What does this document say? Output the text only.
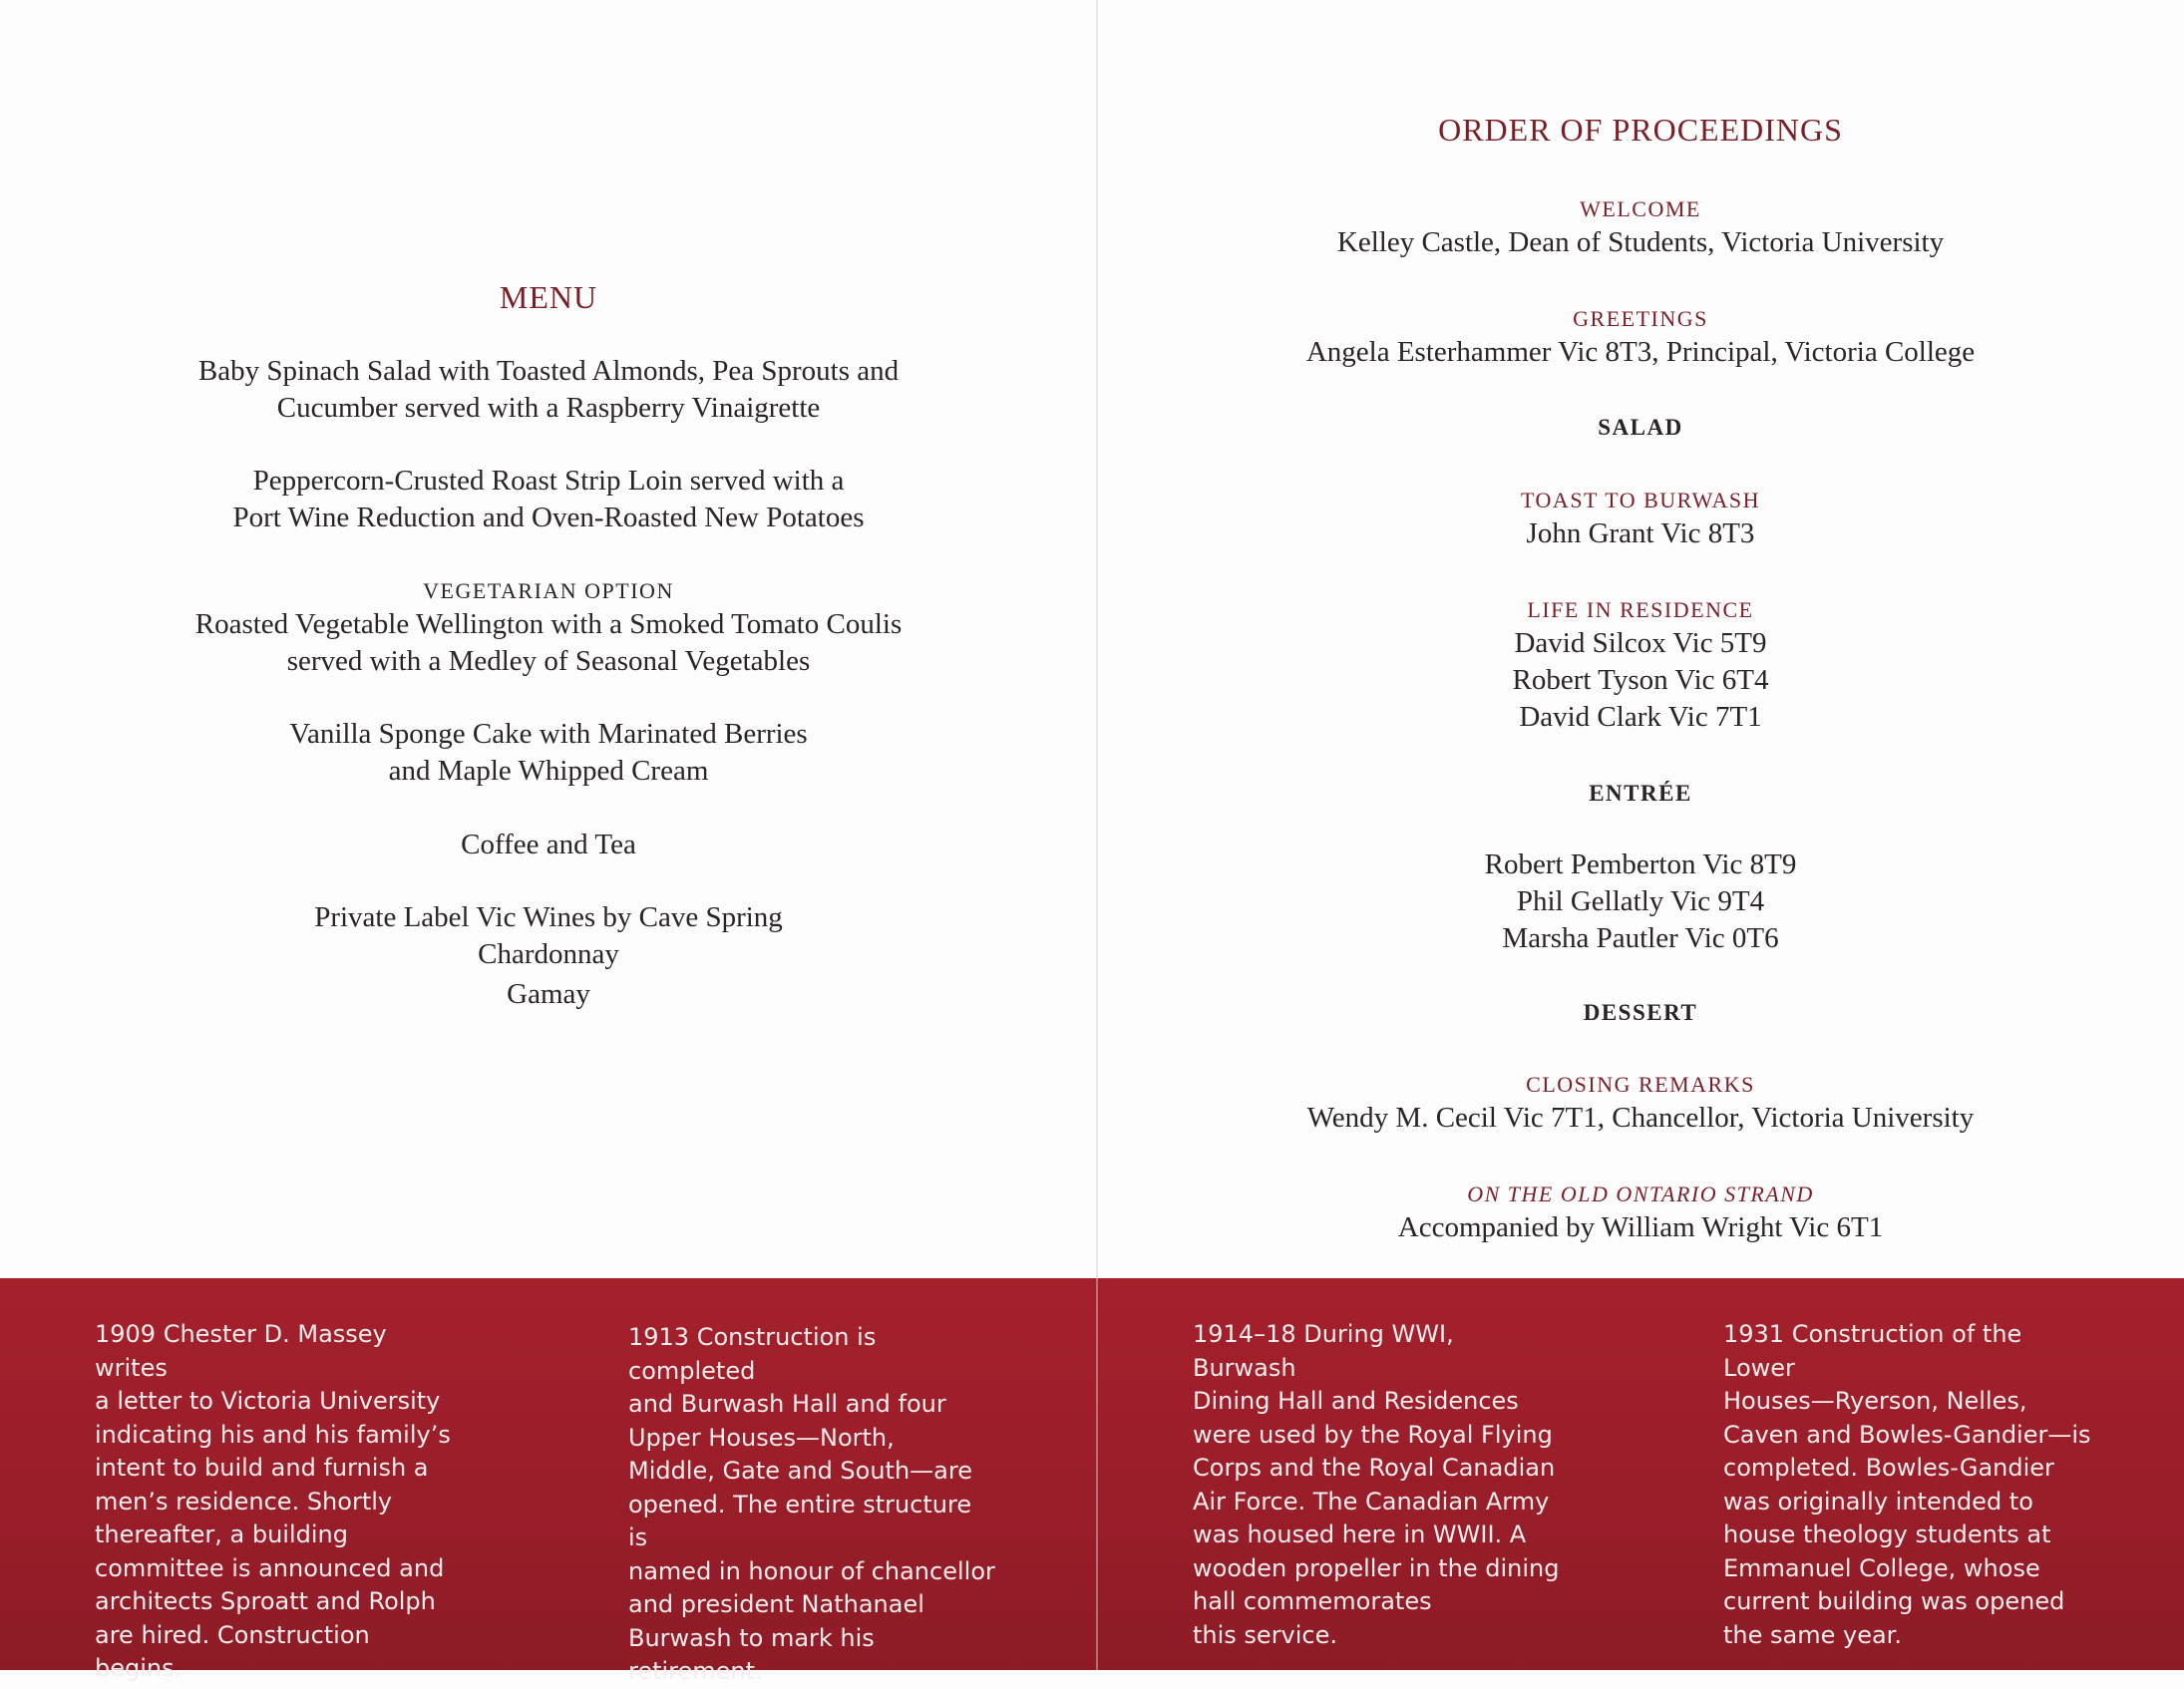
MENU

Baby Spinach Salad with Toasted Almonds, Pea Sprouts and

Cucumber served with a Raspberry Vinaigrette

Peppercorn-Crusted Roast Strip Loin served with a

Port Wine Reduction and Oven-Roasted New Potatoes

VEGETARIAN OPTION

Roasted Vegetable Wellington with a Smoked Tomato Coulis

served with a Medley of Seasonal Vegetables

Vanilla Sponge Cake with Marinated Berries

and Maple Whipped Cream

Coffee and Tea

Private Label Vic Wines by Cave Spring

Chardonnay

Gamay

ORDER OF PROCEEDINGS

WELCOME

Kelley Castle, Dean of Students, Victoria University

GREETINGS

Angela Esterhammer Vic 8T3, Principal, Victoria College

SALAD

TOAST TO BURWASH

John Grant Vic 8T3

LIFE IN RESIDENCE

David Silcox Vic 5T9

Robert Tyson Vic 6T4

David Clark Vic 7T1

ENTRÉE

Robert Pemberton Vic 8T9

Phil Gellatly Vic 9T4

Marsha Pautler Vic 0T6

DESSERT

CLOSING REMARKS

Wendy M. Cecil Vic 7T1, Chancellor, Victoria University

ON THE OLD ONTARIO STRAND

Accompanied by William Wright Vic 6T1

1909 Chester D. Massey writes
a letter to Victoria University
indicating his and his family’s
intent to build and furnish a
men’s residence. Shortly
thereafter, a building
committee is announced and
architects Sproatt and Rolph
are hired. Construction begins.
1913 Construction is completed
and Burwash Hall and four
Upper Houses—North,
Middle, Gate and South—are
opened. The entire structure is
named in honour of chancellor
and president Nathanael
Burwash to mark his
retirement.
1914–18 During WWI, Burwash
Dining Hall and Residences
were used by the Royal Flying
Corps and the Royal Canadian
Air Force. The Canadian Army
was housed here in WWII. A
wooden propeller in the dining
hall commemorates
this service.
1931 Construction of the Lower
Houses—Ryerson, Nelles,
Caven and Bowles-Gandier—is
completed. Bowles-Gandier
was originally intended to
house theology students at
Emmanuel College, whose
current building was opened
the same year.
